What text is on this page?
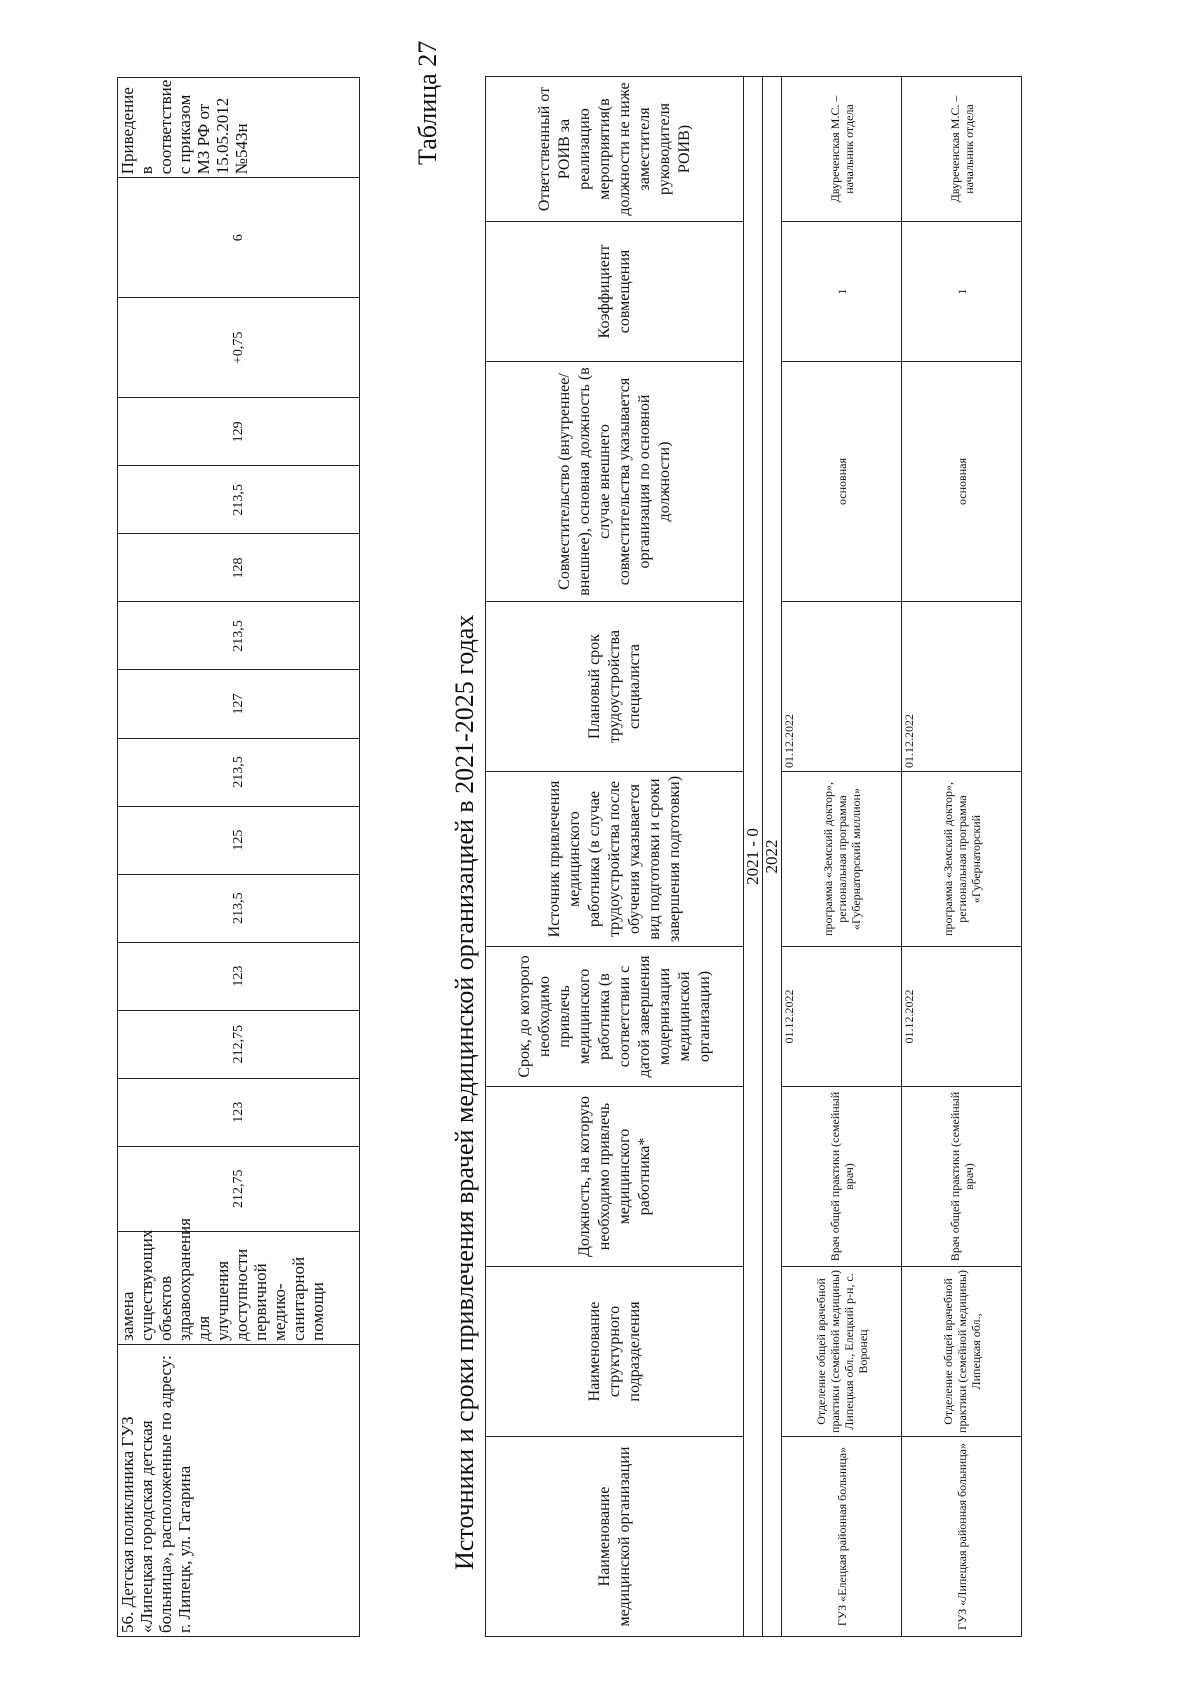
56. Детская поликлиника ГУЗ «Липецкая городская детская больница», расположенные по адресу: г. Липецк, ул. Гагарина	замена существующих объектов здравоохранения для улучшения доступности первичной медико-санитарной помощи	212,75	123	212,75	123	213,5	125	213,5	127	213,5	128	213,5	129	+0,75	6	Приведение в соответствие с приказом МЗ РФ от 15.05.2012 №543н	Таблица 27
Источники и сроки привлечения врачей медицинской организацией в 2021-2025 годах	Наименование медицинской организации	Наименование структурного подразделения	Должность, на которую необходимо привлечь медицинского работника*	Срок, до которого необходимо привлечь медицинского работника (в соответствии с датой завершения модернизации медицинской организации)	Источник привлечения медицинского работника (в случае трудоустройства после обучения указывается вид подготовки и сроки завершения подготовки)	Плановый срок трудоустройства специалиста	Совместительство (внутреннее/внешнее), основная должность (в случае внешнего совместительства указывается организация по основной должности)	Коэффициент совмещения	Ответственный от РОИВ за реализацию мероприятия(в должности не ниже заместителя руководителя РОИВ)
2021 - 0								
2022								
ГУЗ «Елецкая районная больница»	Отделение общей врачебной практики (семейной медицины) Липецкая обл., Елецкий р-н, с. Воронец	Врач общей практики (семейный врач)	01.12.2022	программа «Земский доктор», региональная программа «Губернаторский миллион»	01.12.2022	основная	1	Двуреченская М.С. – начальник отдела
ГУЗ «Липецкая районная больница»	Отделение общей врачебной практики (семейной медицины) Липецкая обл.,	Врач общей практики (семейный врач)	01.12.2022	программа «Земский доктор», региональная программа «Губернаторский	01.12.2022	основная	1	Двуреченская М.С. – начальник отдела
